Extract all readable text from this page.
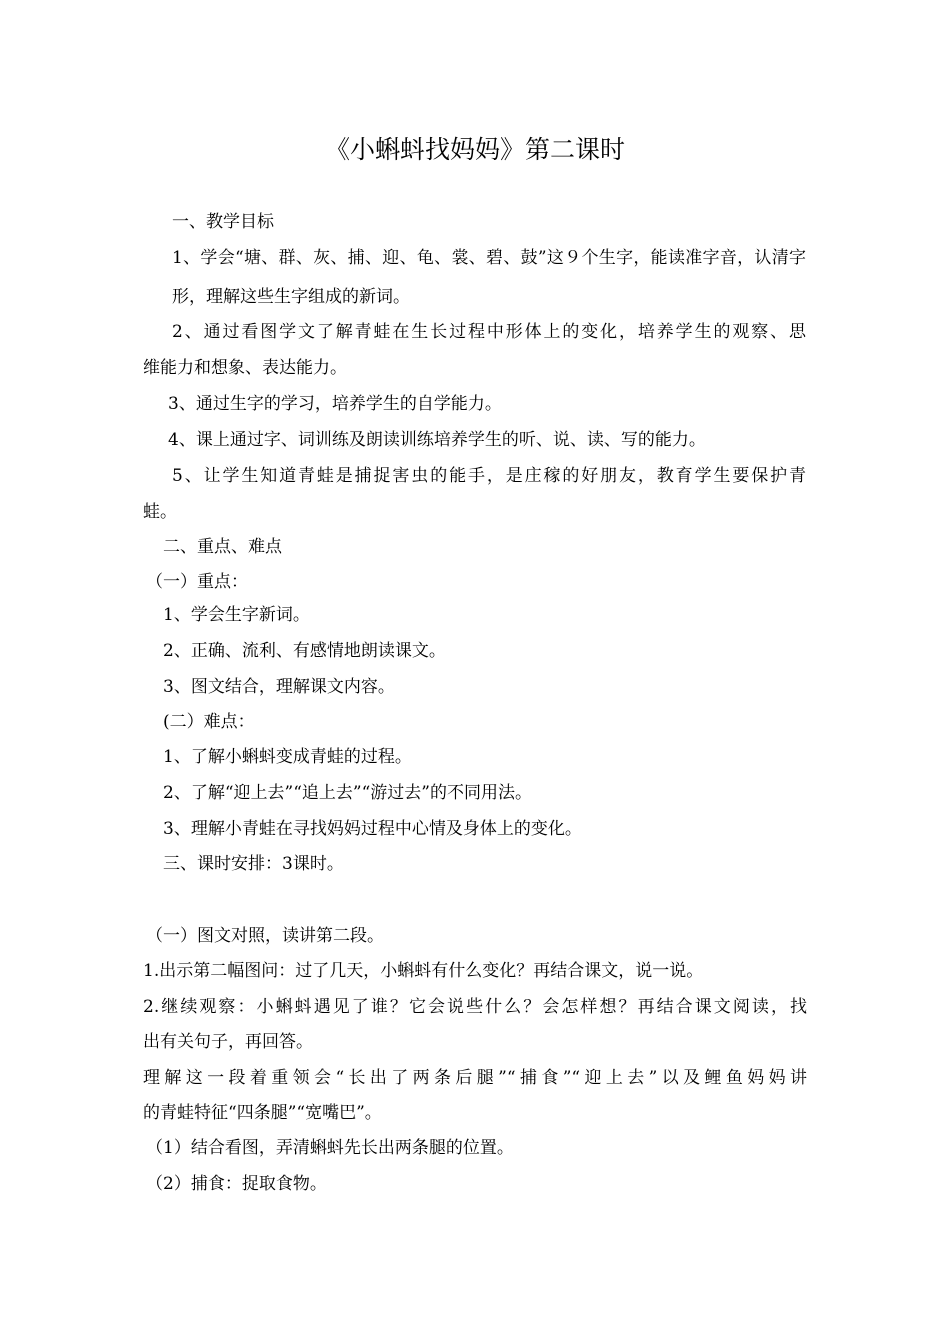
《小蝌蚪找妈妈》第二课时
一、教学目标
1、学会“塘、群、灰、捕、迎、龟、裳、碧、鼓”这９个生字，能读准字音，认清字
形，理解这些生字组成的新词。
2、通过看图学文了解青蛙在生长过程中形体上的变化，培养学生的观察、思
维能力和想象、表达能力。
3、通过生字的学习，培养学生的自学能力。
4、课上通过字、词训练及朗读训练培养学生的听、说、读、写的能力。
5、让学生知道青蛙是捕捉害虫的能手，是庄稼的好朋友，教育学生要保护青
蛙。
二、重点、难点
（一）重点：
1、学会生字新词。
2、正确、流利、有感情地朗读课文。
3、图文结合，理解课文内容。
(二）难点：
1、了解小蝌蚪变成青蛙的过程。
2、了解“迎上去”“追上去”“游过去”的不同用法。
3、理解小青蛙在寻找妈妈过程中心情及身体上的变化。
三、课时安排：3课时。
（一）图文对照，读讲第二段。
1.出示第二幅图问：过了几天，小蝌蚪有什么变化？再结合课文，说一说。
2.继续观察：小蝌蚪遇见了谁？它会说些什么？会怎样想？再结合课文阅读，找
出有关句子，再回答。
理解这一段着重领会“长出了两条后腿”“捕食”“迎上去”以及鲤鱼妈妈讲
的青蛙特征“四条腿”“宽嘴巴”。
（1）结合看图，弄清蝌蚪先长出两条腿的位置。
（2）捕食：捉取食物。
